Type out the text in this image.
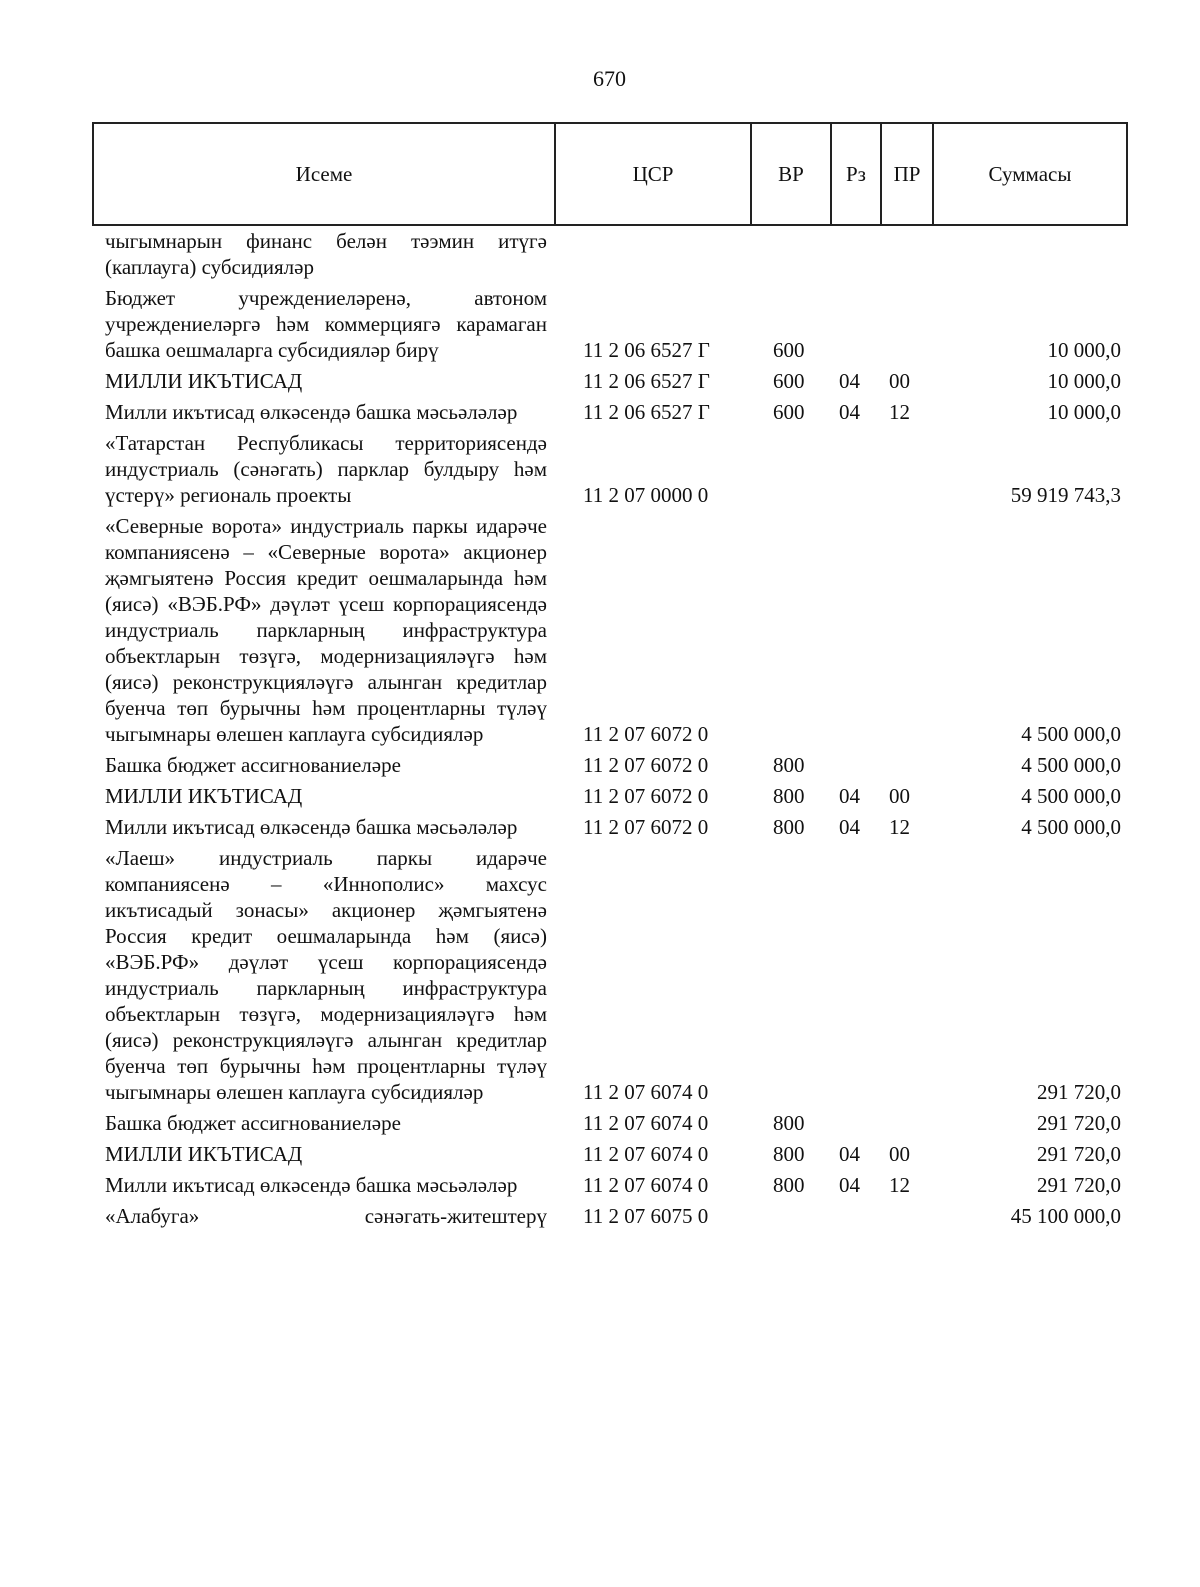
670
Исеме	ЦСР	ВР	Рз	ПР	Суммасы
чыгымнарын финанс белән тәэмин итүгә (каплауга) субсидияләр					
Бюджет учреждениеләренә, автоном учреждениеләргә һәм коммерциягә карамаган башка оешмаларга субсидияләр бирү	11 2 06 6527 Г	600			10 000,0
МИЛЛИ ИКЪТИСАД	11 2 06 6527 Г	600	04	00	10 000,0
Милли икътисад өлкәсендә башка мәсьәләләр	11 2 06 6527 Г	600	04	12	10 000,0
«Татарстан Республикасы территориясендә индустриаль (сәнәгать) парклар булдыру һәм үстерү» региональ проекты	11 2 07 0000 0				59 919 743,3
«Северные ворота» индустриаль паркы идарәче компаниясенә – «Северные ворота» акционер җәмгыятенә Россия кредит оешмаларында һәм (яисә) «ВЭБ.РФ» дәүләт үсеш корпорациясендә индустриаль паркларның инфраструктура объектларын төзүгә, модернизацияләүгә һәм (яисә) реконструкцияләүгә алынган кредитлар буенча төп бурычны һәм процентларны түләү чыгымнары өлешен каплауга субсидияләр	11 2 07 6072 0				4 500 000,0
Башка бюджет ассигнованиеләре	11 2 07 6072 0	800			4 500 000,0
МИЛЛИ ИКЪТИСАД	11 2 07 6072 0	800	04	00	4 500 000,0
Милли икътисад өлкәсендә башка мәсьәләләр	11 2 07 6072 0	800	04	12	4 500 000,0
«Лаеш» индустриаль паркы идарәче компаниясенә – «Иннополис» махсус икътисадый зонасы» акционер җәмгыятенә Россия кредит оешмаларында һәм (яисә) «ВЭБ.РФ» дәүләт үсеш корпорациясендә индустриаль паркларның инфраструктура объектларын төзүгә, модернизацияләүгә һәм (яисә) реконструкцияләүгә алынган кредитлар буенча төп бурычны һәм процентларны түләү чыгымнары өлешен каплауга субсидияләр	11 2 07 6074 0				291 720,0
Башка бюджет ассигнованиеләре	11 2 07 6074 0	800			291 720,0
МИЛЛИ ИКЪТИСАД	11 2 07 6074 0	800	04	00	291 720,0
Милли икътисад өлкәсендә башка мәсьәләләр	11 2 07 6074 0	800	04	12	291 720,0
«Алабуга» сәнәгать-житештерү	11 2 07 6075 0				45 100 000,0
